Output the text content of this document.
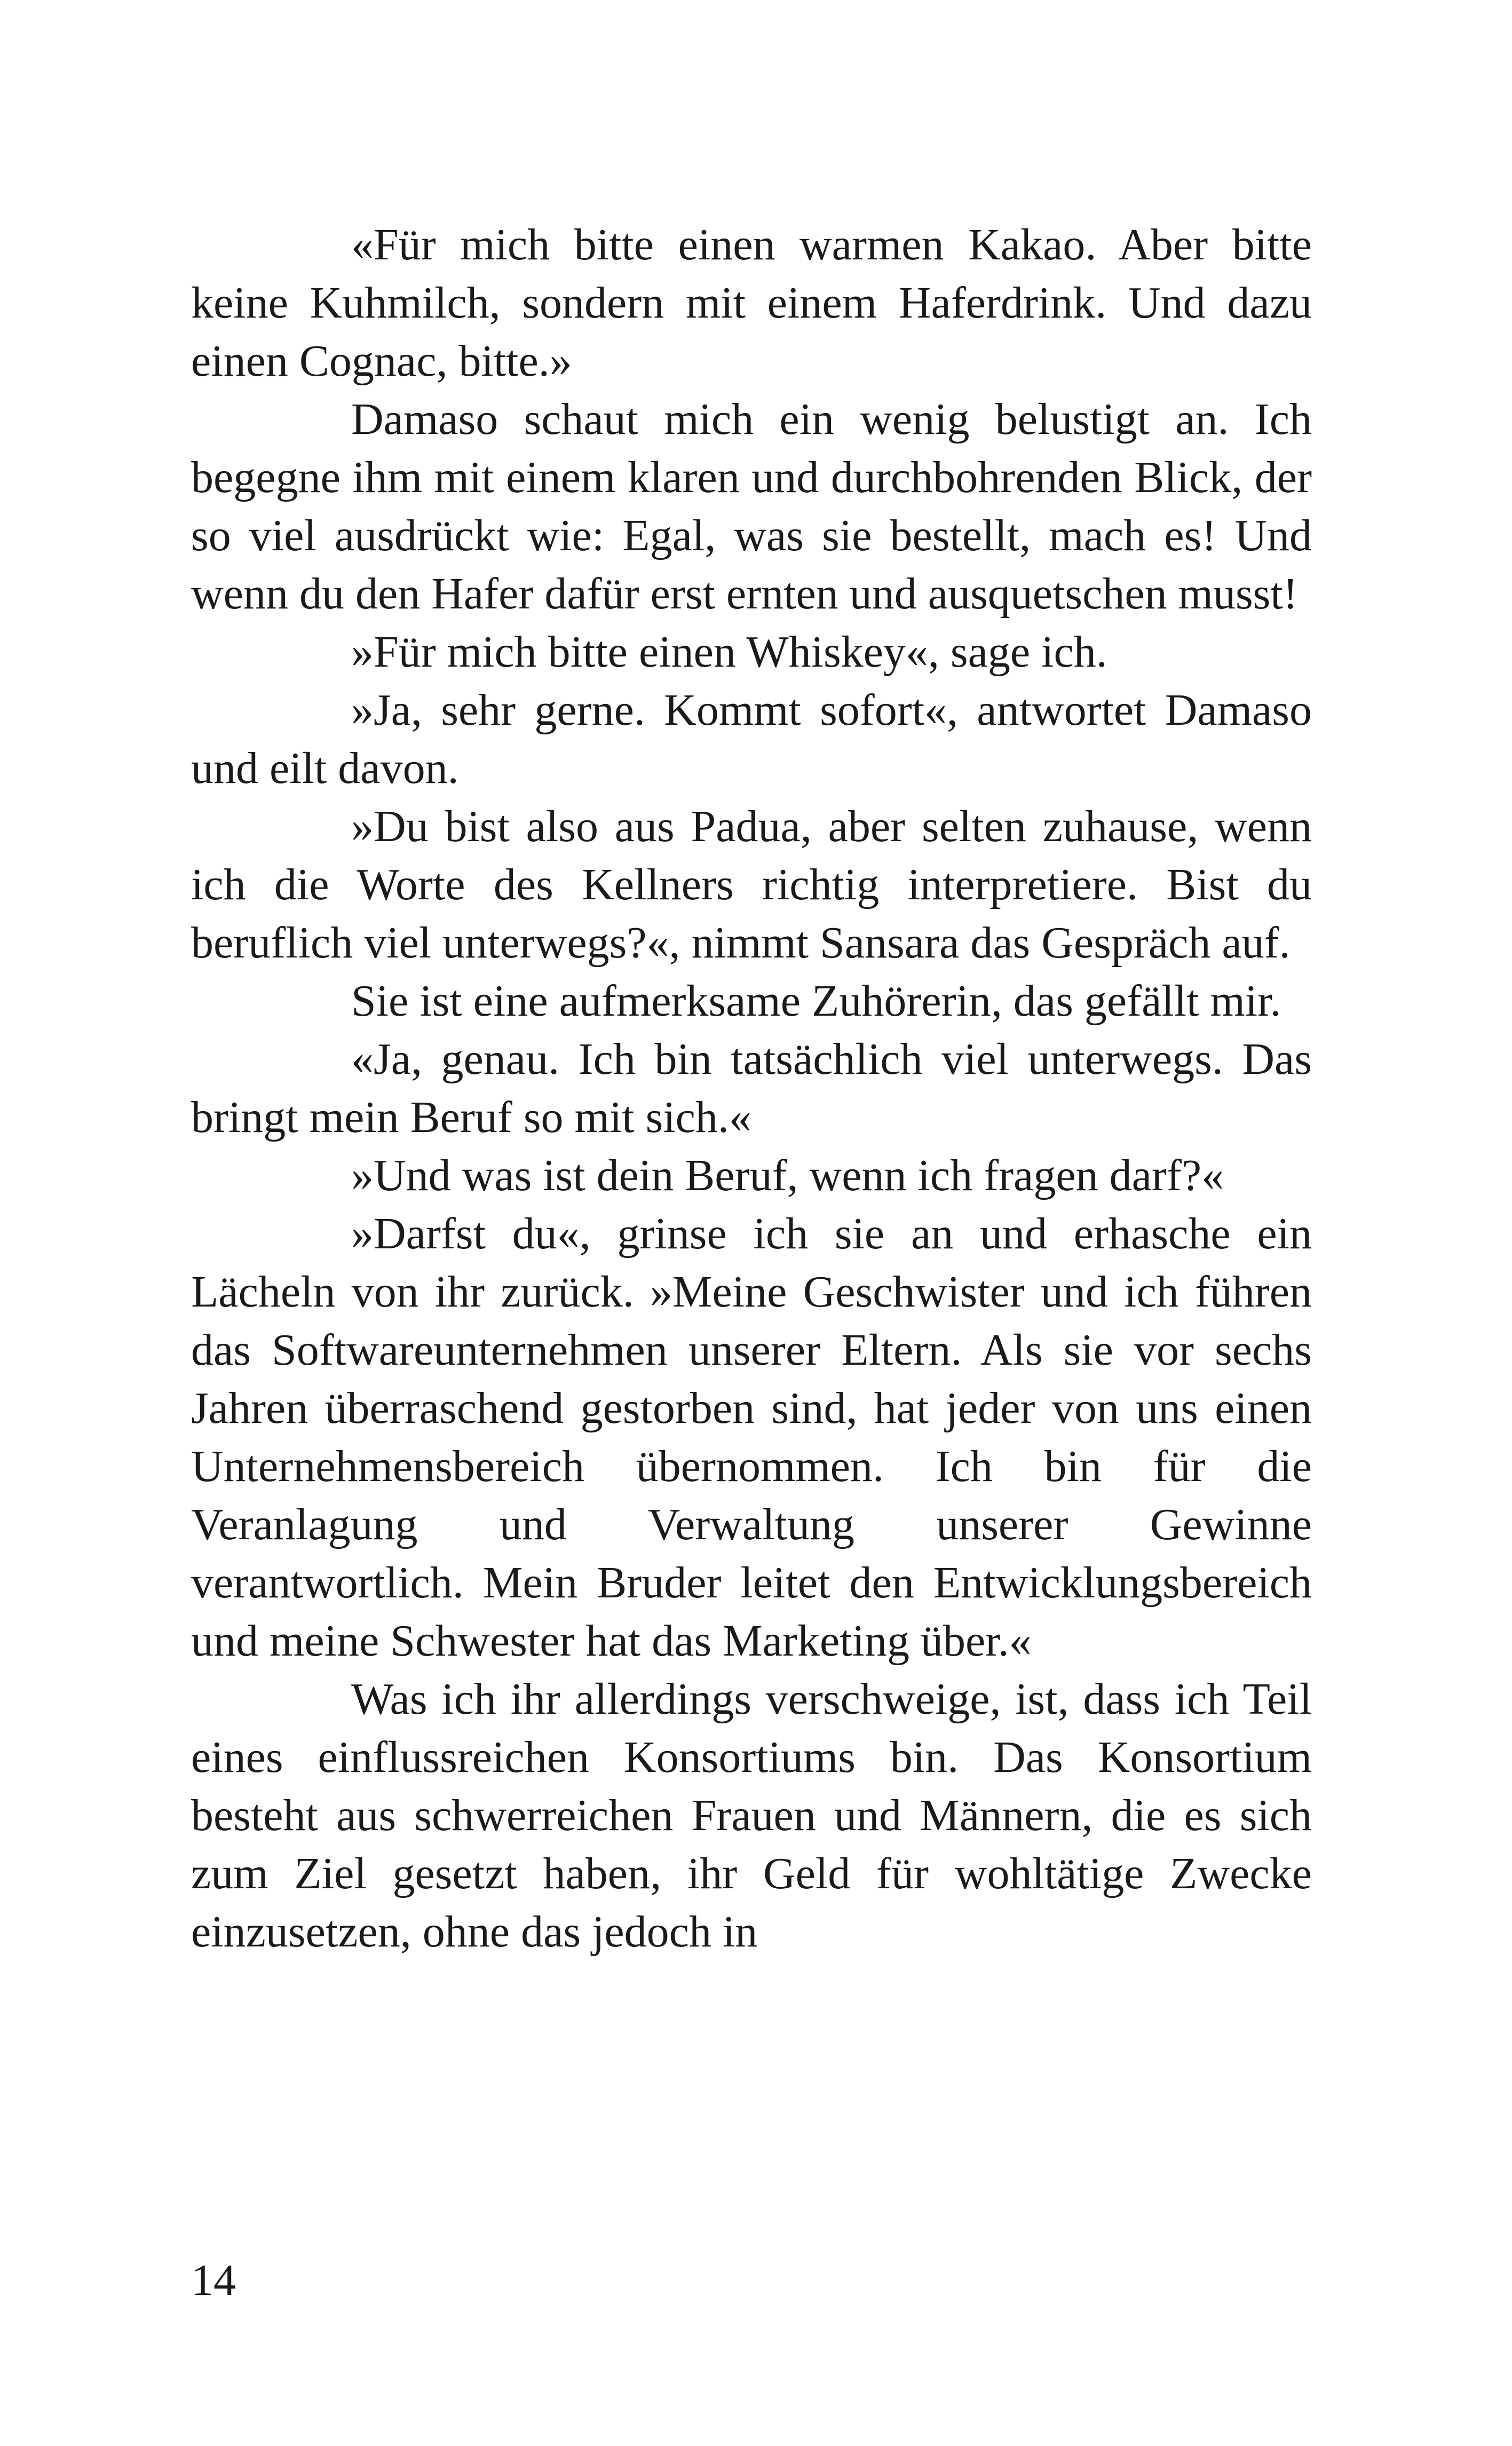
«Für mich bitte einen warmen Kakao. Aber bitte keine Kuhmilch, sondern mit einem Haferdrink. Und dazu einen Cognac, bitte.»

Damaso schaut mich ein wenig belustigt an. Ich begegne ihm mit einem klaren und durchbohrenden Blick, der so viel ausdrückt wie: Egal, was sie bestellt, mach es! Und wenn du den Hafer dafür erst ernten und ausquetschen musst!

»Für mich bitte einen Whiskey«, sage ich.

»Ja, sehr gerne. Kommt sofort«, antwortet Damaso und eilt davon.

»Du bist also aus Padua, aber selten zuhause, wenn ich die Worte des Kellners richtig interpretiere. Bist du beruflich viel unterwegs?«, nimmt Sansara das Gespräch auf.

Sie ist eine aufmerksame Zuhörerin, das gefällt mir.

«Ja, genau. Ich bin tatsächlich viel unterwegs. Das bringt mein Beruf so mit sich.«

»Und was ist dein Beruf, wenn ich fragen darf?«

»Darfst du«, grinse ich sie an und erhasche ein Lächeln von ihr zurück. »Meine Geschwister und ich führen das Softwareunternehmen unserer Eltern. Als sie vor sechs Jahren überraschend gestorben sind, hat jeder von uns einen Unternehmensbereich übernommen. Ich bin für die Veranlagung und Verwaltung unserer Gewinne verantwortlich. Mein Bruder leitet den Entwicklungsbereich und meine Schwester hat das Marketing über.«

Was ich ihr allerdings verschweige, ist, dass ich Teil eines einflussreichen Konsortiums bin. Das Konsortium besteht aus schwerreichen Frauen und Männern, die es sich zum Ziel gesetzt haben, ihr Geld für wohltätige Zwecke einzusetzen, ohne das jedoch in

14
